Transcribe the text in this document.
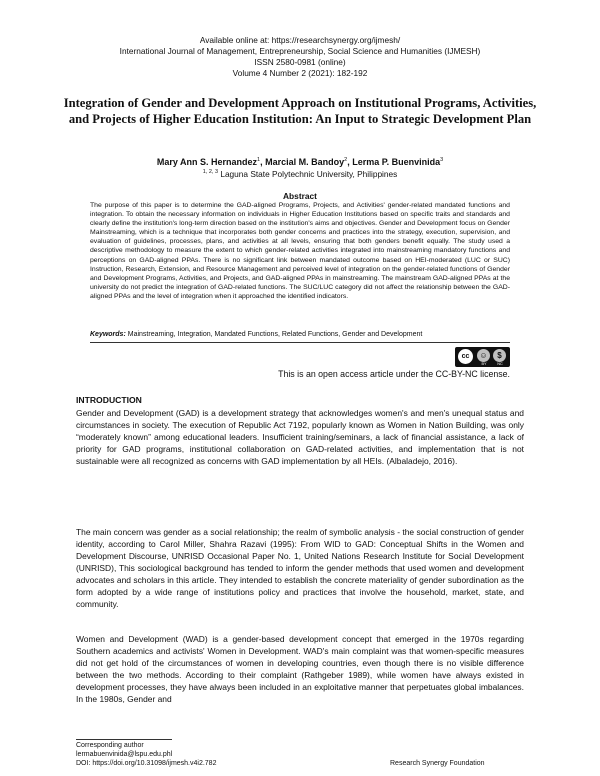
Available online at: https://researchsynergy.org/ijmesh/
International Journal of Management, Entrepreneurship, Social Science and Humanities (IJMESH)
ISSN 2580-0981 (online)
Volume 4 Number 2 (2021): 182-192
Integration of Gender and Development Approach on Institutional Programs, Activities, and Projects of Higher Education Institution: An Input to Strategic Development Plan
Mary Ann S. Hernandez$^1$, Marcial M. Bandoy$^2$, Lerma P. Buenvinida$^3$
$^{1, 2, 3}$ Laguna State Polytechnic University, Philippines
Abstract
The purpose of this paper is to determine the GAD-aligned Programs, Projects, and Activities' gender-related mandated functions and integration. To obtain the necessary information on individuals in Higher Education Institutions based on specific traits and standards and clearly define the institution's long-term direction based on the institution's aims and objectives. Gender and Development focus on Gender Mainstreaming, which is a technique that incorporates both gender concerns and practices into the strategy, execution, supervision, and evaluation of guidelines, processes, plans, and activities at all levels, ensuring that both genders benefit equally. The study used a descriptive methodology to measure the extent to which gender-related activities integrated into mainstreaming mandatory functions and perceptions on GAD-aligned PPAs. There is no significant link between mandated outcome based on HEI-moderated (LUC or SUC) Instruction, Research, Extension, and Resource Management and perceived level of integration on the gender-related functions of Gender and Development Programs, Activities, and Projects, and GAD-aligned PPAs in mainstreaming. The mainstream GAD-aligned PPAs at the university do not predict the integration of GAD-related functions. The SUC/LUC category did not affect the relationship between the GAD-aligned PPAs and the level of integration when it approached the identified indicators.
Keywords: Mainstreaming, Integration, Mandated Functions, Related Functions, Gender and Development
cc	☺	$
BY	NC
This is an open access article under the CC-BY-NC license.
INTRODUCTION
Gender and Development (GAD) is a development strategy that acknowledges women's and men's unequal status and circumstances in society. The execution of Republic Act 7192, popularly known as Women in Nation Building, was only “moderately known” among educational leaders. Insufficient training/seminars, a lack of financial assistance, a lack of priority for GAD programs, institutional collaboration on GAD-related activities, and implementation that is not sustainable were all recognized as concerns with GAD implementation by all HEIs. (Albaladejo, 2016).
The main concern was gender as a social relationship; the realm of symbolic analysis - the social construction of gender identity, according to Carol Miller, Shahra Razavi (1995): From WID to GAD: Conceptual Shifts in the Women and Development Discourse, UNRISD Occasional Paper No. 1, United Nations Research Institute for Social Development (UNRISD), This sociological background has tended to inform the gender methods that used women and development advocates and scholars in this article. They intended to establish the concrete materiality of gender subordination as the form adopted by a wide range of institutions policy and practices that involve the household, market, state, and community.
Women and Development (WAD) is a gender-based development concept that emerged in the 1970s regarding Southern academics and activists' Women in Development. WAD's main complaint was that women-specific measures did not get hold of the circumstances of women in developing countries, even though there is no visible difference between the two methods. According to their complaint (Rathgeber 1989), while women have always existed in development processes, they have always been included in an exploitative manner that perpetuates global imbalances. In the 1980s, Gender and
Corresponding author
lermabuenvinida@lspu.edu.phl
DOI: https://doi.org/10.31098/ijmesh.v4i2.782	Research Synergy Foundation
